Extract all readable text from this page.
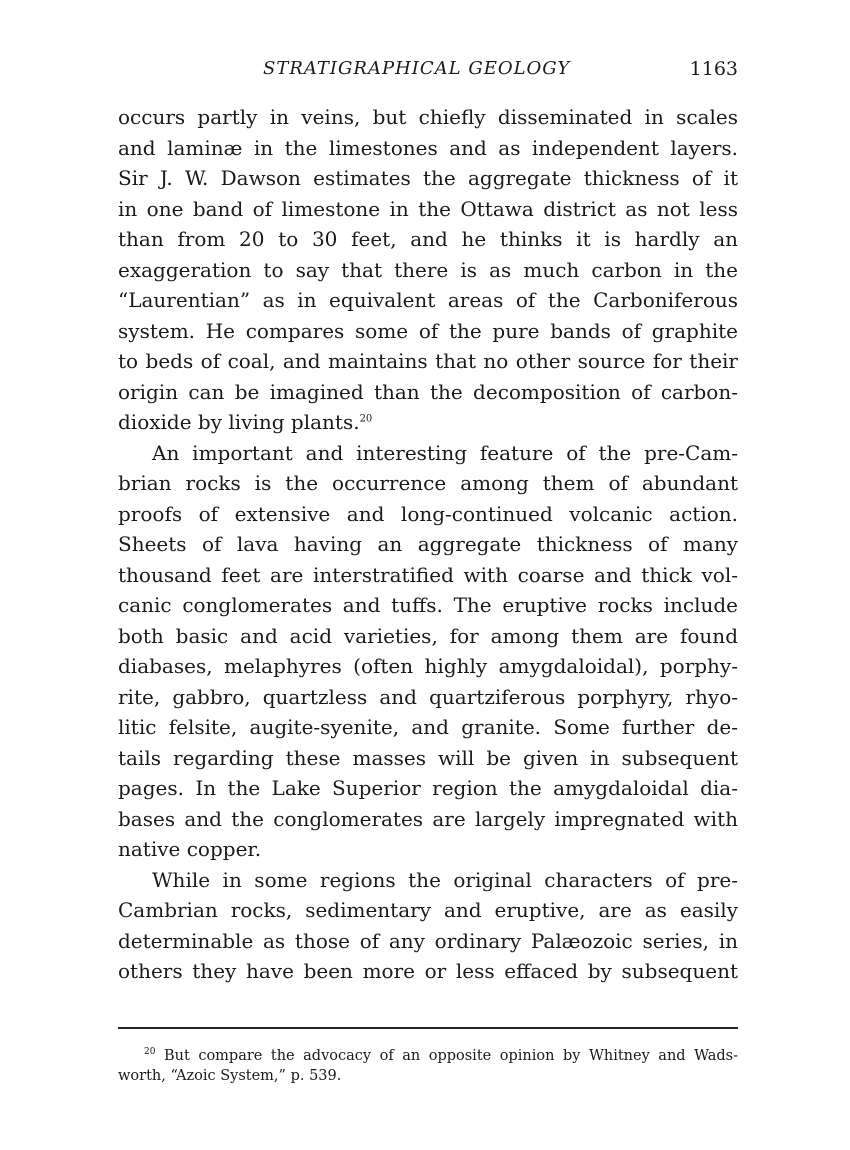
STRATIGRAPHICAL GEOLOGY	1163
occurs partly in veins, but chiefly disseminated in scales
and laminæ in the limestones and as independent layers.
Sir J. W. Dawson estimates the aggregate thickness of it
in one band of limestone in the Ottawa district as not less
than from 20 to 30 feet, and he thinks it is hardly an
exaggeration to say that there is as much carbon in the
“Laurentian” as in equivalent areas of the Carboniferous
system. He compares some of the pure bands of graphite
to beds of coal, and maintains that no other source for their
origin can be imagined than the decomposition of carbon-
dioxide by living plants.$^{20}$
An important and interesting feature of the pre-Cam-
brian rocks is the occurrence among them of abundant
proofs of extensive and long-continued volcanic action.
Sheets of lava having an aggregate thickness of many
thousand feet are interstratified with coarse and thick vol-
canic conglomerates and tuffs. The eruptive rocks include
both basic and acid varieties, for among them are found
diabases, melaphyres (often highly amygdaloidal), porphy-
rite, gabbro, quartzless and quartziferous porphyry, rhyo-
litic felsite, augite-syenite, and granite. Some further de-
tails regarding these masses will be given in subsequent
pages. In the Lake Superior region the amygdaloidal dia-
bases and the conglomerates are largely impregnated with
native copper.
While in some regions the original characters of pre-
Cambrian rocks, sedimentary and eruptive, are as easily
determinable as those of any ordinary Palæozoic series, in
others they have been more or less effaced by subsequent
$^{20}$ But compare the advocacy of an opposite opinion by Whitney and Wads-
worth, “Azoic System,” p. 539.
